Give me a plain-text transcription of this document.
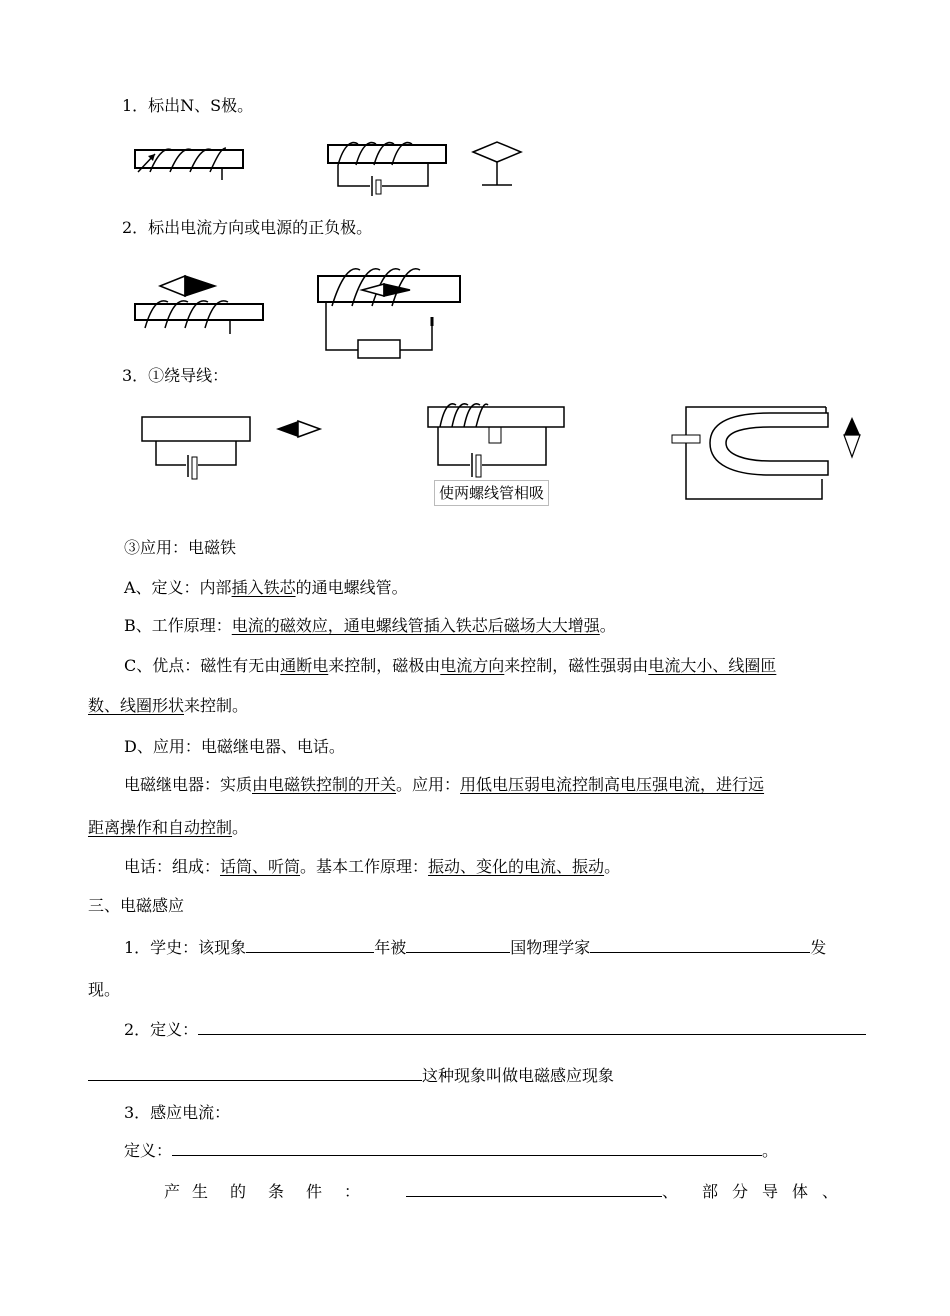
1．标出N、S极。
2．标出电流方向或电源的正负极。
3．①绕导线：
使两螺线管相吸
③应用：电磁铁
A、定义：内部插入铁芯的通电螺线管。
B、工作原理：电流的磁效应，通电螺线管插入铁芯后磁场大大增强。
C、优点：磁性有无由通断电来控制，磁极由电流方向来控制，磁性强弱由电流大小、线圈匝
数、线圈形状来控制。
D、应用：电磁继电器、电话。
电磁继电器：实质由电磁铁控制的开关。应用：用低电压弱电流控制高电压强电流，进行远
距离操作和自动控制。
电话：组成：话筒、听筒。基本工作原理：振动、变化的电流、振动。
三、电磁感应
1．学史：该现象	年被	国物理学家	发
现。
2．定义：
这种现象叫做电磁感应现象
3．感应电流：
定义：	。
产 生 的 条 件 ：	、 部 分 导 体 、
